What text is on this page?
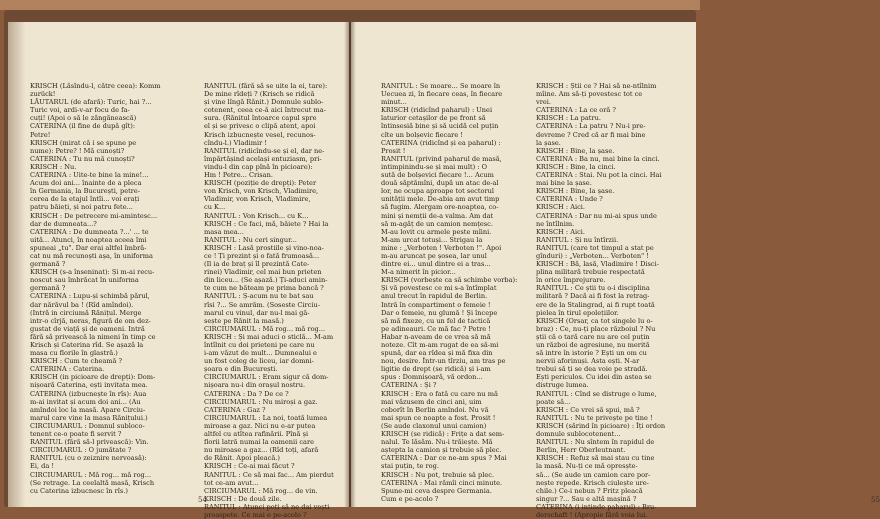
KRISCH (Lăsîndu-l, către ceea): Komm

zurück!

LĂUTARUL (de afară): Turic, hai ?...

Turic voi, ardi-v-ar focu de fa-

cuți! (Apoi o să le zăngănească)

CATERINA (il fine de după gît):

Petre!

KRISCH (mirat că i se spune pe

nume): Petre? ! Mă cunoști?

CATERINA : Tu nu mă cunoști?

KRISCH : Nu.

CATERINA : Uite-te bine la mine!...

Acum doi ani... înainte de a pleca

în Germania, la București, petre-

cerea de la etajul întîi... voi erați

patru băieți, și noi patru fete...

KRISCH : De petrecere mi-amintesc...

dar de dumneata...?

CATERINA : De dumneata ?...' ... te

uită... Atunci, în noaptea aceea îmi

spuneai „tu". Dar erai altfel îmbră-

cat nu mă recunoști așa, în uniforma

germană ?

KRISCH (s-a înseninat): Și m-ai recu-

noscut sau îmbrăcat în uniforma

germană ?

CATERINA : Lupu-și schimbă părul,

dar nărăvul ba ! (Rîd amîndoi).

(Intră in circiumă Rănițul. Merge

intr-o cîrjă, neras, figură de om dez-

gustat de viață și de oameni. Intră

fără să privească la nimeni în timp ce

Krisch și Caterina rîd. Se așază la

masa cu florile în glastră.)

KRISCH : Cum te cheamă ?

CATERINA : Caterina.

KRISCH (in picioare de drepți): Dom-

nișoară Caterina, ești invitata mea.

CATERINA (izbucnește în rîs): Aua

m-ai invitat și acum doi ani... (Au

amîndoi loc la masă. Apare Circiu-

marul care vine la masa Rănițului.)

CIRCIUMARUL : Domnul subloco-

tenent ce-o poate fi servit ?

RANITUL (fără să-l privească): Vin.

CIRCIUMARUL : O jumătate ?

RANITUL (cu o zeiznire nervoasă):

Ei, da !

CIRCIUMARUL : Mă rog... mă rog...

(Se retrage. La ceelaltă masă, Krisch

cu Caterina izbucnesc în rîs.)

RANITUL (fără să se uite la ei, tare):

De mine rîdeți ? (Krisch se ridică

și vine lîngă Rănit.) Domnule sublo-

cotenent, ceea ce-ă aici întrecut ma-

sura. (Rănitul întoarce capul spre

el și se privesc o clipă atent, apoi

Krisch izbucnește vesel, recunos-

cîndu-l.) Vladimir !

RANITUL (ridicîndu-se și el, dar ne-

împărtășind același entuziasm, pri-

vindu-l din cap pînă în picioare):

Hm ! Petre... Crisan.

KRISCH (poziție de drepți): Peter

von Krisch, von Krisch, Vladimire,

Vladimir, von Krisch, Vladimire,

cu K...

RANITUL : Von Krisch... cu K...

KRISCH : Ce faci, mă, băiete ? Hai la

masa mea...

RANITUL : Nu ceri singur...

KRISCH : Lasă prostiile și vino-noa-

ce ! Ți prezint și o fată frumoasă...

(Il ia de braț și îl prezintă Cate-

rinei) Vladimir, cel mai bun prieten

din liceu... (Se așază.) Ți-aduci amin-

te cum ne băteam pe prima bancă ?

RANITUL : Ș-acum nu te bat sau

rîsi ?... Se amrăm. (Soseste Circiu-

marul cu vinul, dar nu-l mai gă-

sește pe Rănit la masă.)

CIRCIUMARUL : Mă rog... mă rog...

KRISCH : Și mai aduci o sticlă... M-am

întîlnit cu doi prieteni pe care nu

i-am văzut de mult... Dumnealui e

un fost coleg de liceu, iar domni-

șoara e din București.

CIRCIUMARUL : Eram sigur că dom-

nișoara nu-i din orașul nostru.

CATERINA : Da ? De ce ?

CIRCIUMARUL : Nu miroși a gaz.

CATERINA : Gaz ?

CIRCIUMARUL : La noi, toată lumea

miroase a gaz. Nici nu e-ar putea

altfel cu atîtea rafinării. Pînă și

florii latră numai la oamenii care

nu miroase a gaz... (Rîd toți, afară

de Rănit. Apoi pleacă.)

KRISCH : Ce-ai mai făcut ?

RANITUL : Ce să mai fac... Am pierdut

tot ce-am avut...

CIRCIUMARUL : Mă rog... de vin.

KRISCH : De două zile.

RANITUL : Atunci poți să ne dai vești

proaspete. Ce mai e pe-acolo ?

54

RANITUL : Se moare... Se moare în

Uecuea zi, în fiecare ceas, în fiecare

minut...

KRISCH (ridicînd paharul) : Unei

laturior cetașilor de pe front să

întinsesiă bine și să ucidă cel puțin

cîte un bolșevic fiecare !

CATERINA (ridicînd și ea paharul) :

Prosit !

RANITUL (privind paharul de masă,

intimpinindu-se și mai mult) : O

sută de bolșevici fiecare !... Acum

două săptămîni, după un atac de-al

lor, ne ocupa aproape tot sectorul

unității mele. De-abia am avut timp

să fugim. Alergam ore-noaptea, co-

mini și nemții de-a valma. Am dat

să m-agăț de un camion nemțesc.

M-au lovit cu armele peste mîini.

M-am urcat totuși... Strigau la

mine : „Verboten ! Verboten !". Apoi

m-au aruncat pe șosea, lar unul

dintre ei... unul dintre ei a tras...

M-a nimerit în picior...

KRISCH (vorbește ca să schimbe vorba):

Și vă povestesc ce mi s-a întîmplat

anul trecut în rapidul de Berlin.

Intră în compartiment o femeie !

Dar o femeie, nu glumă ! Și începe

să mă fixeze, cu un fel de tactică

pe adineauri. Ce mă fac ? Petre !

Habar n-aveam de ce vrea să mă

noteze. Cît m-am rugat de ea să-mi

spună, dar ea rîdea și mă fixa din

nou, desire. Într-un tîrziu, am tras pe

ligitie de drept (se ridică) și i-am

spus : Domnișoară, vă ordon...

CATERINA : Și ?

KRISCH : Era o fată cu care nu mă

mai văzusem de cinci ani, uim

coborît în Berlin amîndoi. Nu vă

mai spun ce noapte a fost. Prosit !

(Se aude claxonul unui camion)

KRISCH (se ridică) : Frițe a dat sem-

nalul. Te lăsăm. Nu-i trăiește. Mă

aștepta la camion și trebuie să plec.

CATERINA : Dar ce ne-am spus ? Mai

stai puțin, te rog.

KRISCH : Nu pot, trebuie să plec.

CATERINA : Mai rămîi cinci minute.

Spune-mi ceva despre Germania.

Cum e pe-acolo ?

KRISCH : Știi ce ? Hai să ne-ntîlnim

mîine. Am să-ți povestesc tot ce

vrei.

CATERINA : La ce oră ?

KRISCH : La patru.

CATERINA : La patru ? Nu-i pre-

devreme ? Cred că ar fi mai bine

la șase.

KRISCH : Bine, la șase.

CATERINA : Ba nu, mai bine la cinci.

KRISCH : Bine, la cinci.

CATERINA : Stai. Nu pot la cinci. Hai

mai bine la șase.

KRISCH : Bine, la șase.

CATERINA : Unde ?

KRISCH : Aici.

CATERINA : Dar nu mi-ai spus unde

ne întîlnim.

KRISCH : Aici.

RANITUL : Și nu întîrzii.

RANITUL (care tot timpul a stat pe

gînduri) : „Verboten... Verboten" !

KRISCH : Bă, lasă, Vladimire ! Disci-

plina militară trebuie respectată

în orice împrejurare.

RANITUL : Ce știi tu o-i disciplina

militară ? Dacă ai fi fost la retrag-

ere de la Stalingrad, ai fi rupt toată

pielea în tirul epolețiilor.

KRISCH (Orsar, ca tot singele lu o-

braz) : Ce, nu-ți place războiul ? Nu

știi că o tară care nu are cel puțin

un război de agresiune, nu merită

să intre în istorie ? Ești un om cu

nervii aforinuși. Asta ești. N-ar

trebui să ți se dea voie pe stradă.

Ești periculos. Cu idei din astea se

distruge lumea.

RANITUL : Cînd se distruge o lume,

poate să...

KRISCH : Ce vrei să spui, mă ?

RANITUL : Nu te privește pe tine !

KRISCH (sărind în picioare) : Îți ordon

domnule sublocotenent...

RANITUL : Nu sîntem în rapidul de

Berlin, Herr Oberleutnant.

KRISCH : Refuz să mai stau cu tine

la masă. Nu-ți ce mă opresște-

să... (Se aude un camion care por-

nește repede. Krisch ciulește ure-

chile.) Ce-i nebun ? Fritz pleacă

singur ?... Sau e altă mașină ?

CATERINA (i intinde paharul) : Bru-

derschaft ! (Apropie fără voia lui.

55
